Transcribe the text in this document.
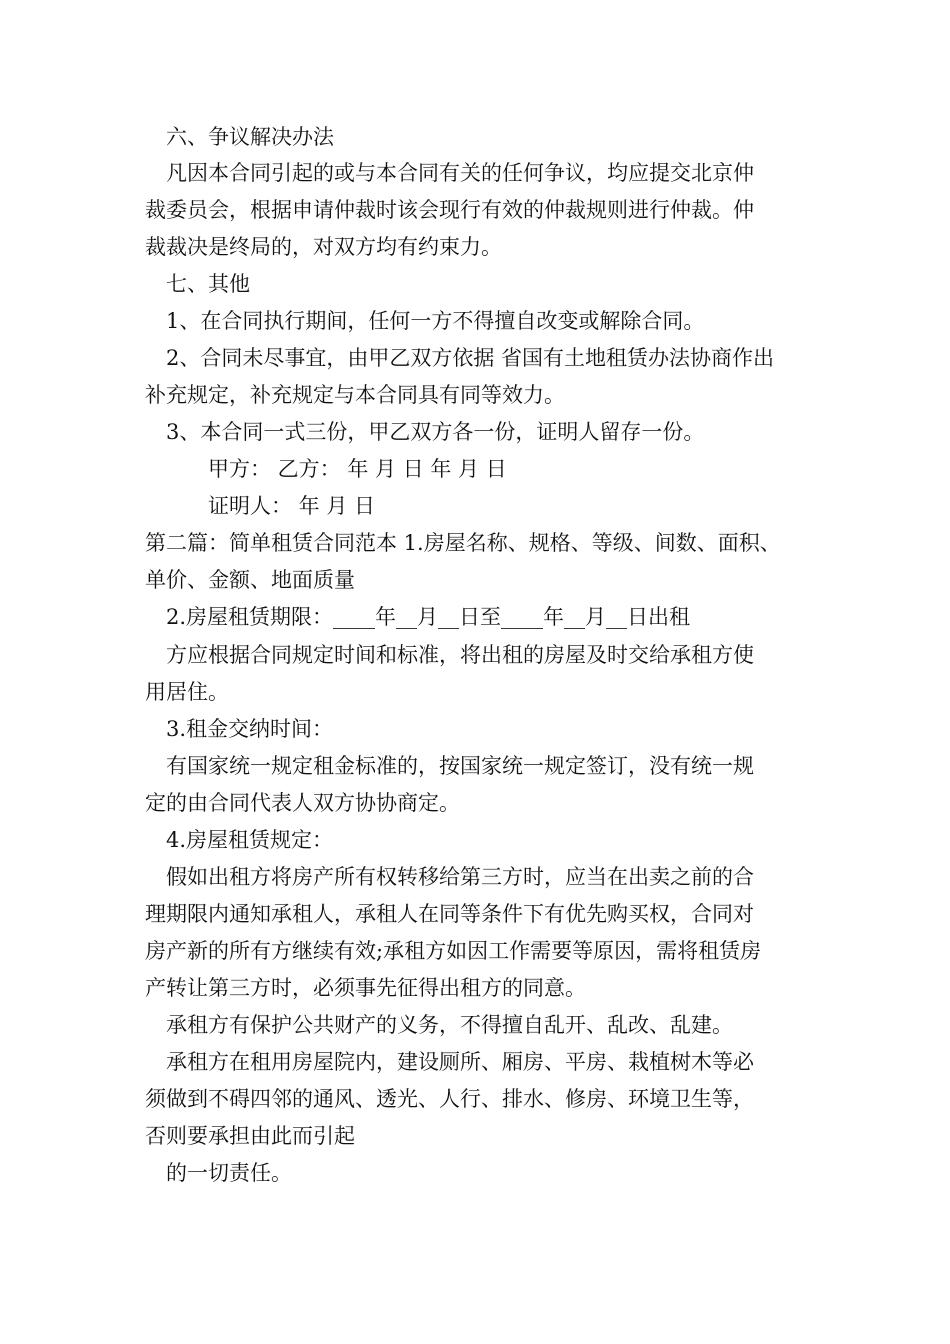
六、争议解决办法
凡因本合同引起的或与本合同有关的任何争议，均应提交北京仲
裁委员会，根据申请仲裁时该会现行有效的仲裁规则进行仲裁。仲
裁裁决是终局的，对双方均有约束力。
七、其他
1、在合同执行期间，任何一方不得擅自改变或解除合同。
2、合同未尽事宜，由甲乙双方依据 省国有土地租赁办法协商作出
补充规定，补充规定与本合同具有同等效力。
3、本合同一式三份，甲乙双方各一份，证明人留存一份。
甲方： 乙方： 年 月 日 年 月 日
证明人： 年 月 日
第二篇：简单租赁合同范本 1.房屋名称、规格、等级、间数、面积、
单价、金额、地面质量
2.房屋租赁期限：____年__月__日至____年__月__日出租
方应根据合同规定时间和标准，将出租的房屋及时交给承租方使
用居住。
3.租金交纳时间：
有国家统一规定租金标准的，按国家统一规定签订，没有统一规
定的由合同代表人双方协协商定。
4.房屋租赁规定：
假如出租方将房产所有权转移给第三方时，应当在出卖之前的合
理期限内通知承租人，承租人在同等条件下有优先购买权，合同对
房产新的所有方继续有效;承租方如因工作需要等原因，需将租赁房
产转让第三方时，必须事先征得出租方的同意。
承租方有保护公共财产的义务，不得擅自乱开、乱改、乱建。
承租方在租用房屋院内，建设厕所、厢房、平房、栽植树木等必
须做到不碍四邻的通风、透光、人行、排水、修房、环境卫生等，
否则要承担由此而引起
的一切责任。
